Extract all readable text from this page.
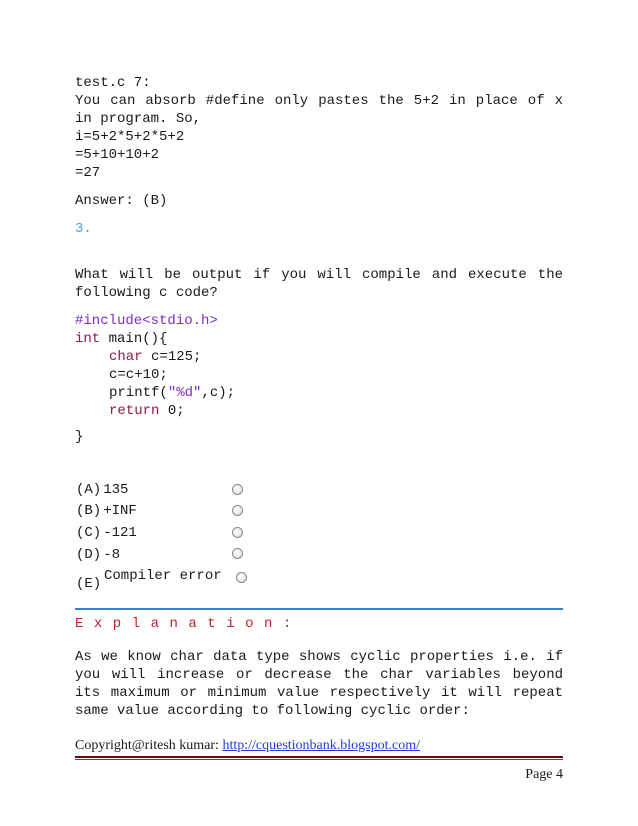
test.c 7:
You can absorb #define only pastes the 5+2 in place of x in program. So,
i=5+2*5+2*5+2
=5+10+10+2
=27
Answer: (B)
3.
What will be output if you will compile and execute the following c code?
#include<stdio.h>
int main(){
char c=125;
c=c+10;
printf("%d",c);
return 0;
}
(A) 135
(B) +INF
(C) -121
(D) -8
(E) Compiler error
Explanation:
As we know char data type shows cyclic properties i.e. if you will increase or decrease the char variables beyond its maximum or minimum value respectively it will repeat same value according to following cyclic order:
Copyright@ritesh kumar: http://cquestionbank.blogspot.com/
Page 4
